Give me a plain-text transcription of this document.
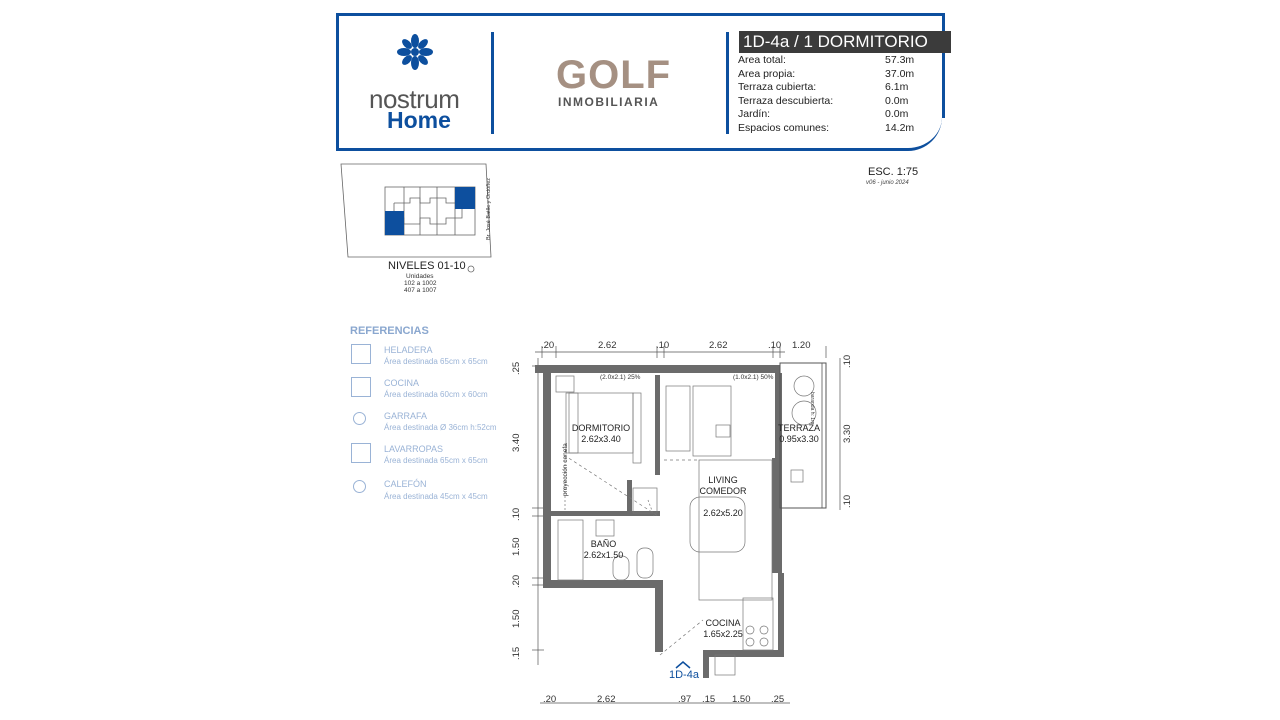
nostrum
Home
GOLF
INMOBILIARIA
1D-4a / 1 DORMITORIO
Area total:	57.3m
Area propia:	37.0m
Terraza cubierta:	6.1m
Terraza descubierta:	0.0m
Jardín:	0.0m
Espacios comunes:	14.2m
ESC. 1:75
v06 - junio 2024
Br. José Batlle y Ordóñez
NIVELES 01-10
Unidades
102 a 1002
407 a 1007
REFERENCIAS
HELADERA
Área destinada 65cm x 65cm
COCINA
Área destinada 60cm x 60cm
GARRAFA
Área destinada Ø 36cm h:52cm
LAVARROPAS
Área destinada 65cm x 65cm
CALEFÓN
Área destinada 45cm x 45cm
.20	2.62	.10	2.62	.10 1.20
.20	2.62	.97 .15 1.50 .25
.25
3.40
.10
1.50
.20
1.50
.15
.10
3.30
.10
(2.0x2.1) 25%	(1.0x2.1) 50%
proyección cenefa
baranda h: 1m
DORMITORIO
2.62x3.40

LIVING
COMEDOR

2.62x5.20

TERRAZA
0.95x3.30
BAÑO
2.62x1.50
COCINA
1.65x2.25
1D-4a
